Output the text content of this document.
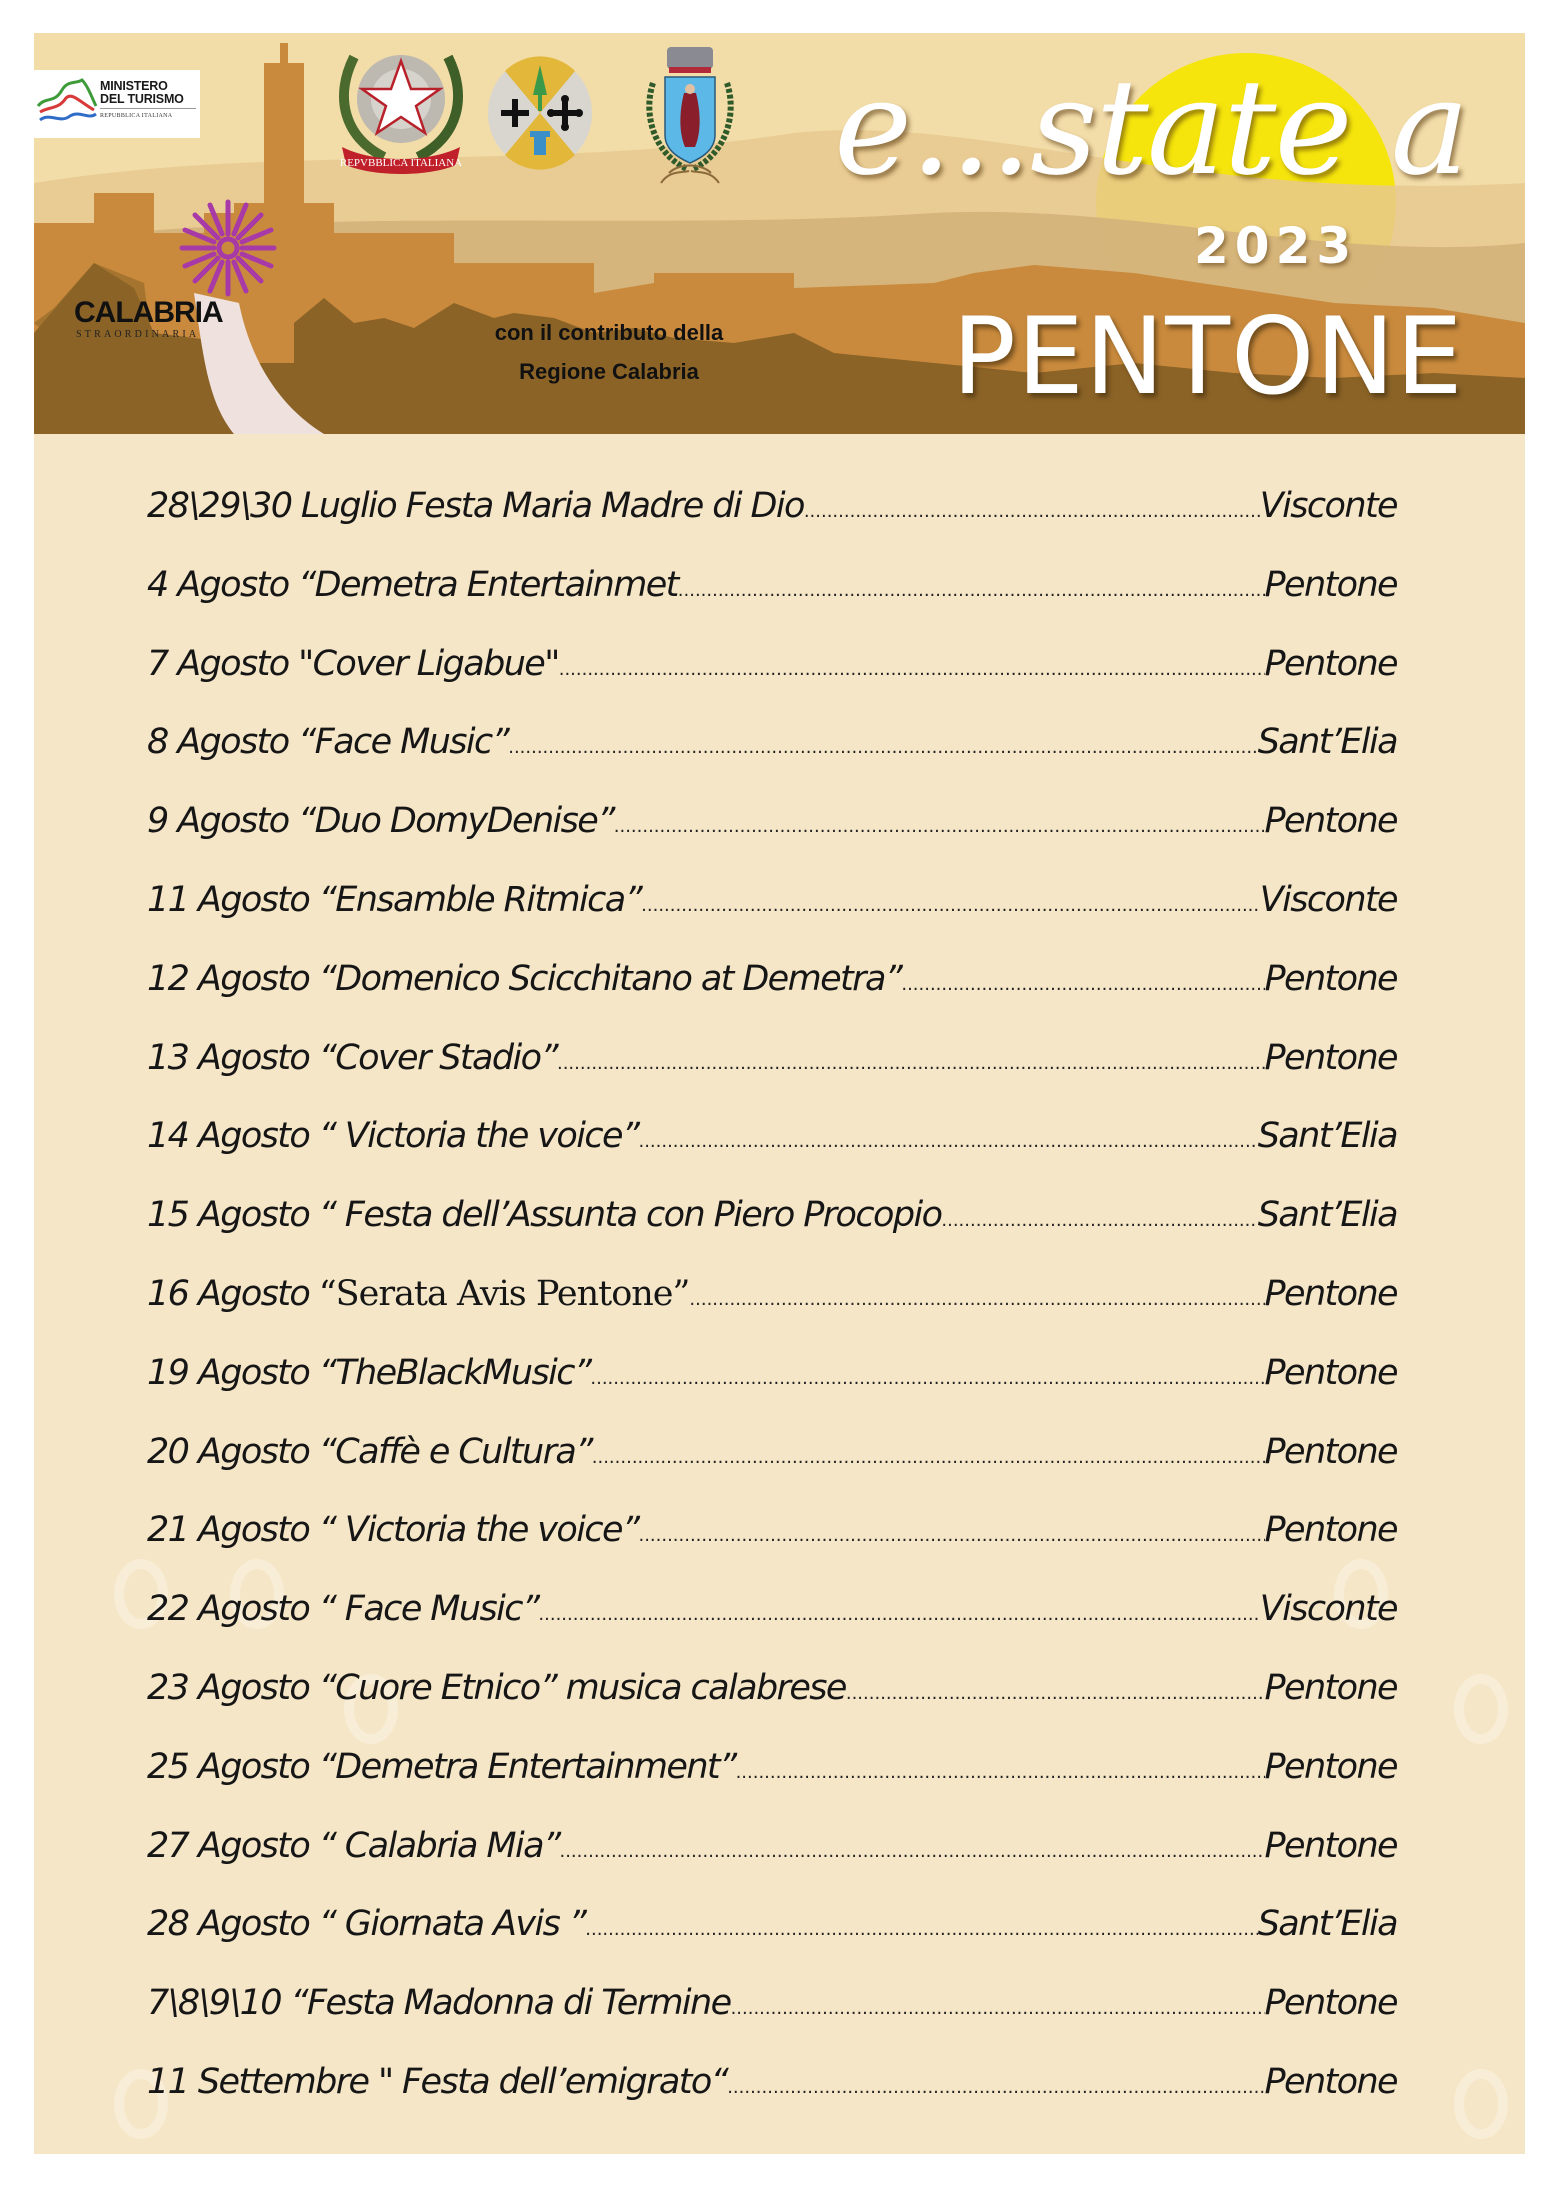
MINISTERO
DEL TURISMO
REPUBBLICA ITALIANA
REPVBBLICA ITALIANA
CALABRIA
STRAORDINARIA	con il contributo della
Regione Calabria
e...state a
2023
PENTONE
28\29\30 Luglio Festa Maria Madre di Dio .....	Visconte
4 Agosto “Demetra Entertainmet .....	Pentone
7 Agosto "Cover Ligabue" .....	Pentone
8 Agosto “Face Music” .....	Sant’Elia
9 Agosto “Duo DomyDenise” .....	Pentone
11 Agosto “Ensamble Ritmica” .....	Visconte
12 Agosto “Domenico Scicchitano at Demetra” .....	Pentone
13 Agosto “Cover Stadio” .....	Pentone
14 Agosto “ Victoria the voice” .....	Sant’Elia
15 Agosto “ Festa dell’Assunta con Piero Procopio .....	Sant’Elia
16 Agosto “Serata Avis Pentone” .....	Pentone
19 Agosto “TheBlackMusic” .....	Pentone
20 Agosto “Caffè e Cultura” .....	Pentone
21 Agosto “ Victoria the voice” .....	Pentone
22 Agosto “ Face Music” .....	Visconte
23 Agosto “Cuore Etnico” musica calabrese .....	Pentone
25 Agosto “Demetra Entertainment” .....	Pentone
27 Agosto “ Calabria Mia” .....	Pentone
28 Agosto “ Giornata Avis ” .....	Sant’Elia
7\8\9\10 “Festa Madonna di Termine .....	Pentone
11 Settembre " Festa dell’emigrato“ .....	Pentone
